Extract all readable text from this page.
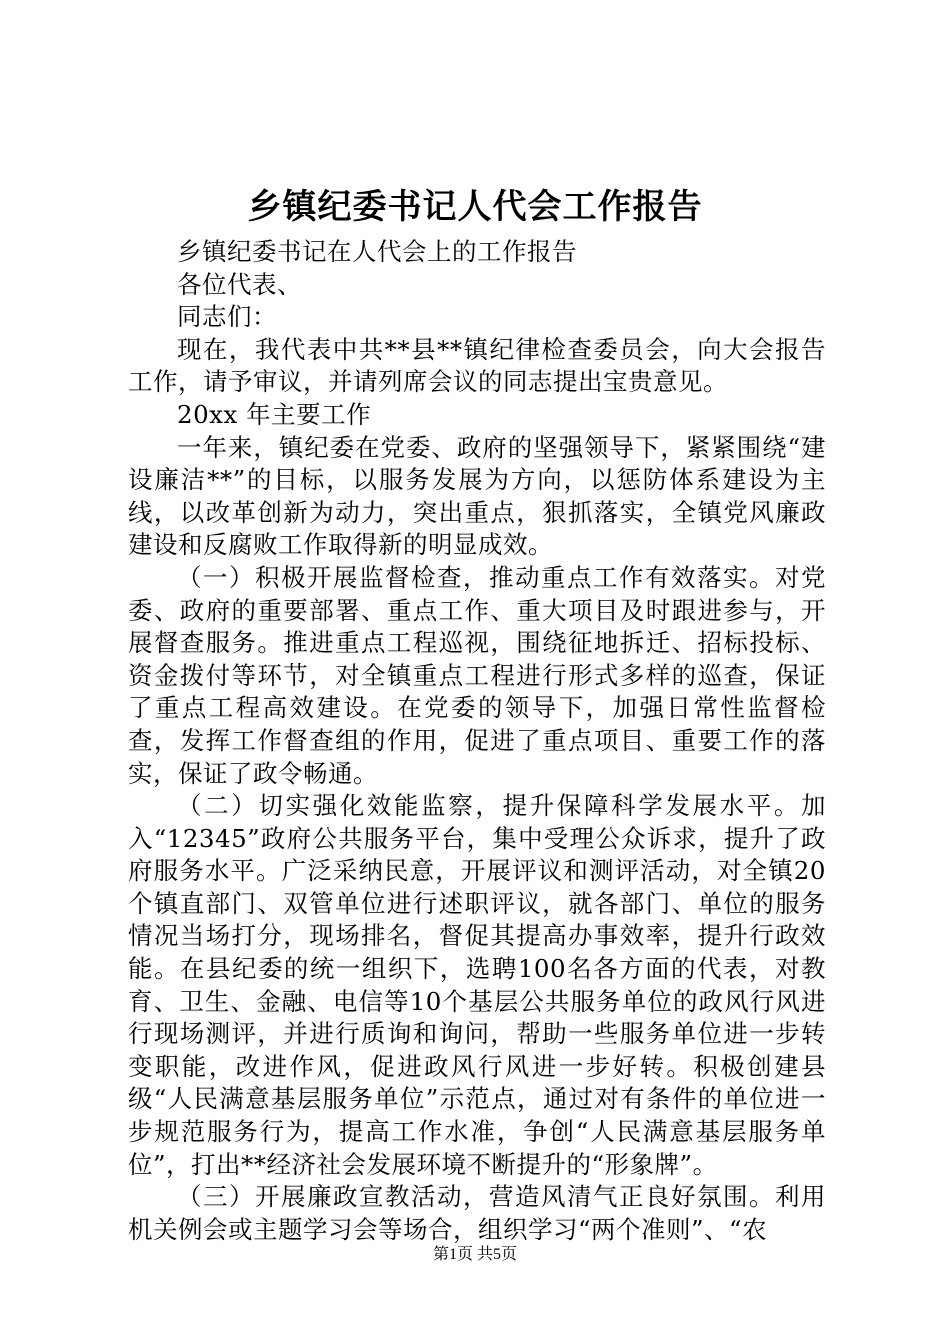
乡镇纪委书记人代会工作报告

乡镇纪委书记在人代会上的工作报告

各位代表、

同志们：

现在，我代表中共**县**镇纪律检查委员会，向大会报告工作，请予审议，并请列席会议的同志提出宝贵意见。

20xx 年主要工作

一年来，镇纪委在党委、政府的坚强领导下，紧紧围绕“建设廉洁**”的目标，以服务发展为方向，以惩防体系建设为主线，以改革创新为动力，突出重点，狠抓落实，全镇党风廉政建设和反腐败工作取得新的明显成效。

（一）积极开展监督检查，推动重点工作有效落实。对党委、政府的重要部署、重点工作、重大项目及时跟进参与，开展督查服务。推进重点工程巡视，围绕征地拆迁、招标投标、资金拨付等环节，对全镇重点工程进行形式多样的巡查，保证了重点工程高效建设。在党委的领导下，加强日常性监督检查，发挥工作督查组的作用，促进了重点项目、重要工作的落实，保证了政令畅通。

（二）切实强化效能监察，提升保障科学发展水平。加入“12345”政府公共服务平台，集中受理公众诉求，提升了政府服务水平。广泛采纳民意，开展评议和测评活动，对全镇20个镇直部门、双管单位进行述职评议，就各部门、单位的服务情况当场打分，现场排名，督促其提高办事效率，提升行政效能。在县纪委的统一组织下，选聘100名各方面的代表，对教育、卫生、金融、电信等10个基层公共服务单位的政风行风进行现场测评，并进行质询和询问，帮助一些服务单位进一步转变职能，改进作风，促进政风行风进一步好转。积极创建县级“人民满意基层服务单位”示范点，通过对有条件的单位进一步规范服务行为，提高工作水准，争创“人民满意基层服务单位”，打出**经济社会发展环境不断提升的“形象牌”。

（三）开展廉政宣教活动，营造风清气正良好氛围。利用机关例会或主题学习会等场合，组织学习“两个准则”、“农

第1页 共5页
